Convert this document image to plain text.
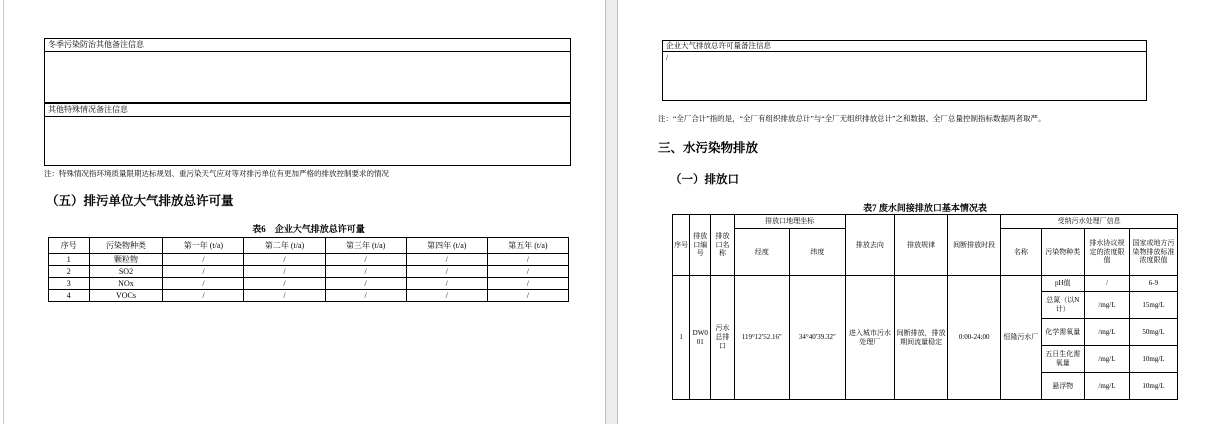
冬季污染防治其他备注信息
其他特殊情况备注信息
注：特殊情况指环境质量限期达标规划、重污染天气应对等对排污单位有更加严格的排放控制要求的情况
（五）排污单位大气排放总许可量
表6　企业大气排放总许可量
序号	污染物种类	第一年 (t/a)	第二年 (t/a)	第三年 (t/a)	第四年 (t/a)	第五年 (t/a)
1	颗粒物	/	/	/	/	/
2	SO2	/	/	/	/	/
3	NOx	/	/	/	/	/
4	VOCs	/	/	/	/	/
企业大气排放总许可量备注信息
/
注：“全厂合计”指的是，“全厂有组织排放总计”与“全厂无组织排放总计”之和数据、全厂总量控制指标数据两者取严。
三、水污染物排放
（一）排放口
表7 废水间接排放口基本情况表
序号	排放口编号	排放口名称	排放口地理坐标		排放去向	排放规律	间断排放时段	受纳污水处理厂信息			
			经度	纬度				名称	污染物种类	排水协议规定的浓度限值	国家或地方污染物排放标准浓度限值
1	DW001	污水总排口	119°12′52.16″	34°40′39.32″	进入城市污水处理厂	间断排放，排放期间流量稳定	0:00-24:00	恒隆污水厂	pH值	/	6-9
									总氮（以N计）	/mg/L	15mg/L
									化学需氧量	/mg/L	50mg/L
									五日生化需氧量	/mg/L	10mg/L
									悬浮物	/mg/L	10mg/L
